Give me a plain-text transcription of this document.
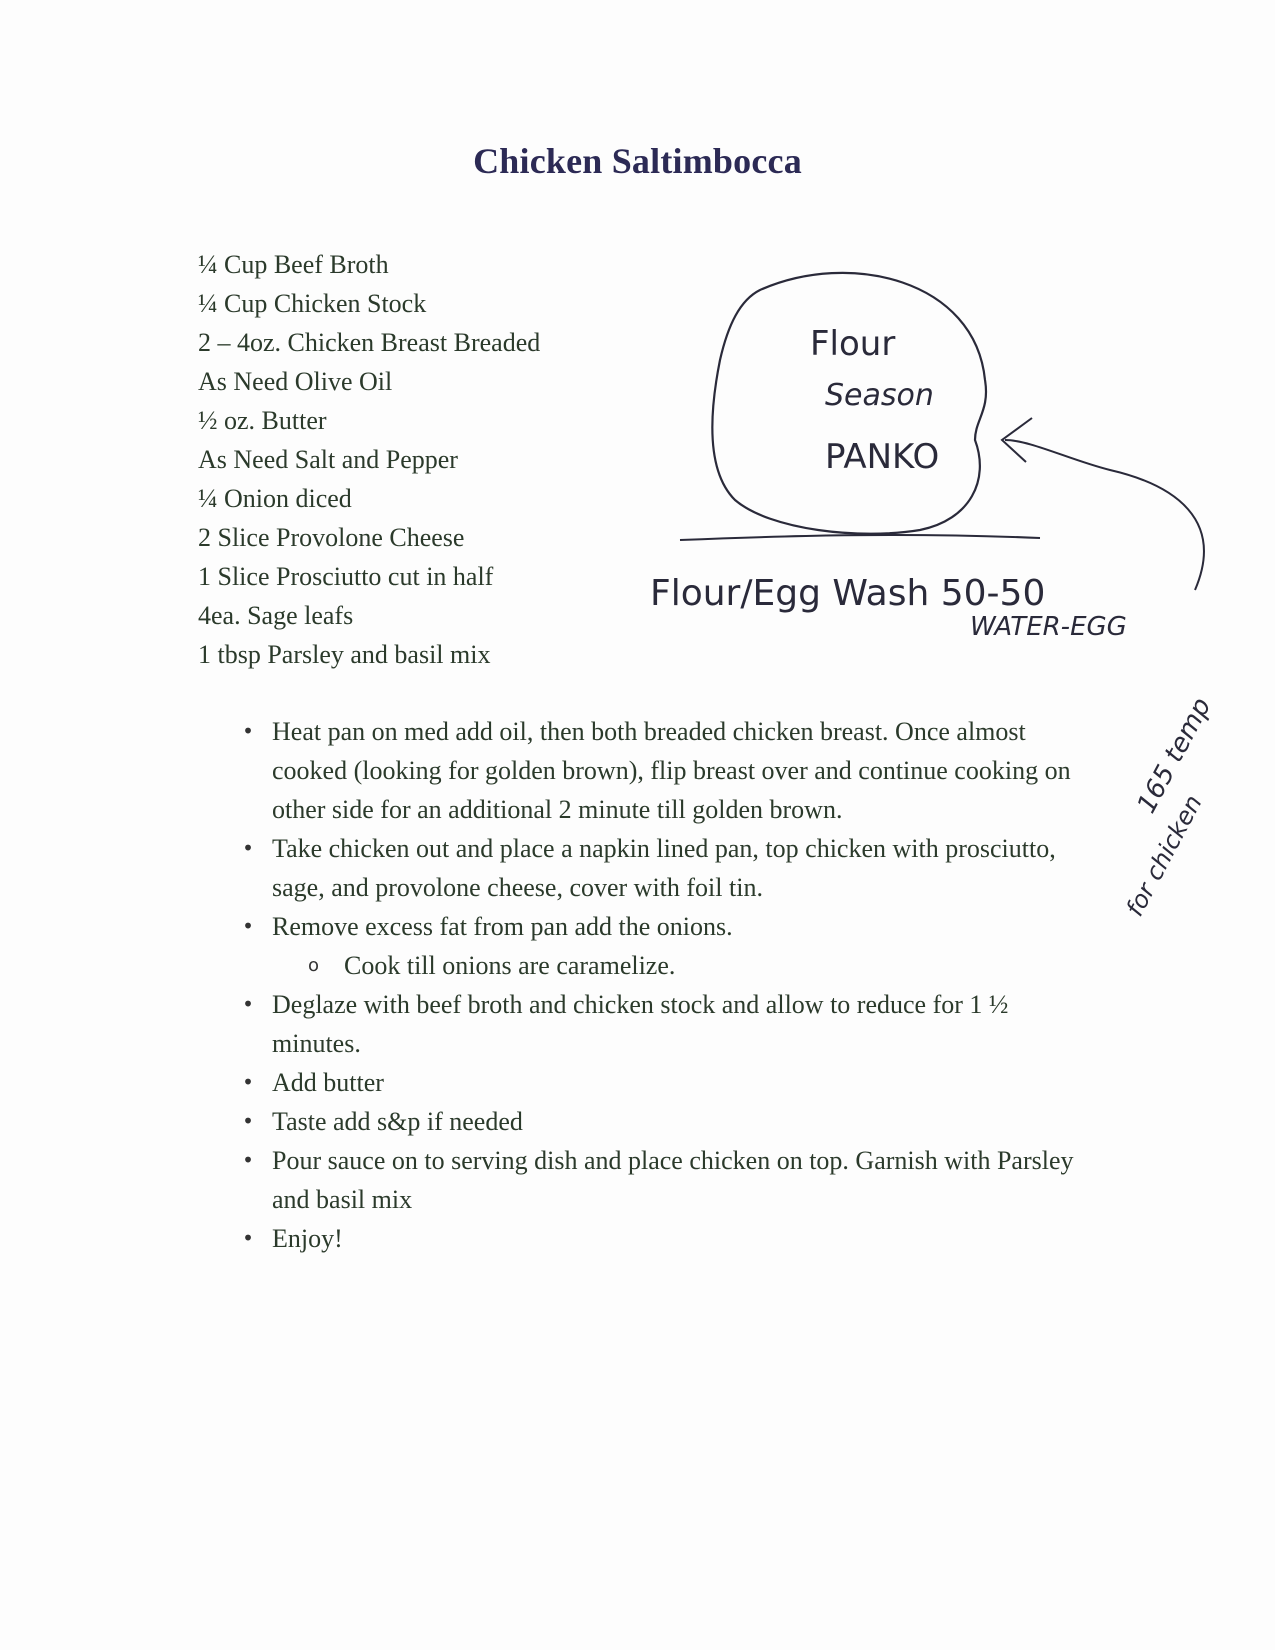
Chicken Saltimbocca
¼ Cup Beef Broth
¼ Cup Chicken Stock
2 – 4oz. Chicken Breast Breaded
As Need Olive Oil
½ oz. Butter
As Need Salt and Pepper
¼ Onion diced
2 Slice Provolone Cheese
1 Slice Prosciutto cut in half
4ea. Sage leafs
1 tbsp Parsley and basil mix
• Heat pan on med add oil, then both breaded chicken breast. Once almost cooked (looking for golden brown), flip breast over and continue cooking on other side for an additional 2 minute till golden brown.
• Take chicken out and place a napkin lined pan, top chicken with prosciutto, sage, and provolone cheese, cover with foil tin.
• Remove excess fat from pan add the onions.
o Cook till onions are caramelize.
• Deglaze with beef broth and chicken stock and allow to reduce for 1 ½ minutes.
• Add butter
• Taste add s&p if needed
• Pour sauce on to serving dish and place chicken on top. Garnish with Parsley and basil mix
• Enjoy!
Flour
Season
PANKO
Flour/Egg Wash 50-50
WATER-EGG
165 temp
for chicken
